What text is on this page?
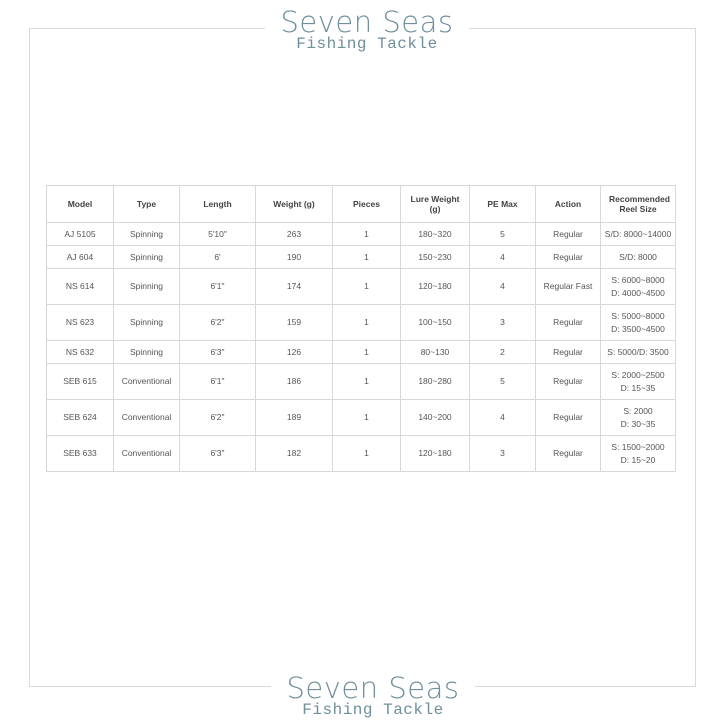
Seven Seas
Fishing Tackle
Model	Type	Length	Weight (g)	Pieces	Lure Weight (g)	PE Max	Action	Recommended Reel Size
AJ 5105	Spinning	5'10"	263	1	180~320	5	Regular	S/D: 8000~14000

AJ 604	Spinning	6'	190	1	150~230	4	Regular	S/D: 8000

NS 614	Spinning	6'1"	174	1	120~180	4	Regular Fast	S: 6000~8000
D: 4000~4500

NS 623	Spinning	6'2"	159	1	100~150	3	Regular	S: 5000~8000
D: 3500~4500

NS 632	Spinning	6'3"	126	1	80~130	2	Regular	S: 5000/D: 3500

SEB 615	Conventional	6'1"	186	1	180~280	5	Regular	S: 2000~2500
D: 15~35

SEB 624	Conventional	6'2"	189	1	140~200	4	Regular	S: 2000
D: 30~35

SEB 633	Conventional	6'3"	182	1	120~180	3	Regular	S: 1500~2000
D: 15~20
Seven Seas
Fishing Tackle
